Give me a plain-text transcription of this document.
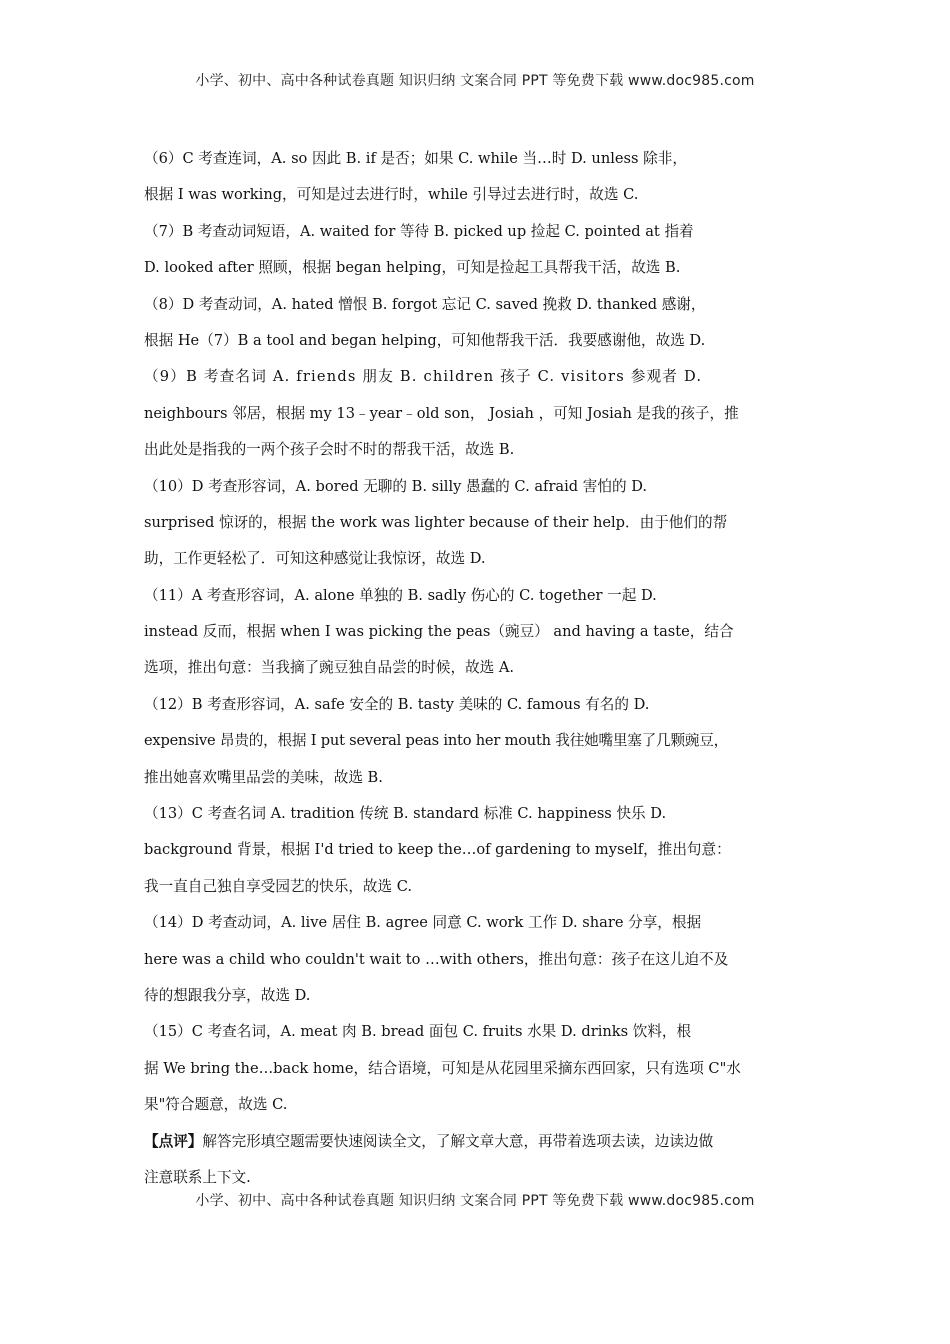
小学、初中、高中各种试卷真题 知识归纳 文案合同 PPT 等免费下载 www.doc985.com
（6）C 考查连词，A. so 因此 B. if 是否；如果 C. while 当…时 D. unless 除非，
根据 I was working，可知是过去进行时，while 引导过去进行时，故选 C.
（7）B 考查动词短语，A. waited for 等待 B. picked up 捡起 C. pointed at 指着
D. looked after 照顾，根据 began helping，可知是捡起工具帮我干活，故选 B.
（8）D 考查动词，A. hated 憎恨 B. forgot 忘记 C. saved 挽救 D. thanked 感谢，
根据 He（7）B a tool and began helping，可知他帮我干活．我要感谢他，故选 D.
（9）B 考查名词 A. friends 朋友 B. children 孩子 C. visitors 参观者 D.
neighbours 邻居，根据 my 13﹣year﹣old son， Josiah ，可知 Josiah 是我的孩子，推
出此处是指我的一两个孩子会时不时的帮我干活，故选 B.
（10）D 考查形容词，A. bored 无聊的 B. silly 愚蠢的 C. afraid 害怕的 D.
surprised 惊讶的，根据 the work was lighter because of their help．由于他们的帮
助，工作更轻松了．可知这种感觉让我惊讶，故选 D.
（11）A 考查形容词，A. alone 单独的 B. sadly 伤心的 C. together 一起 D.
instead 反而，根据 when I was picking the peas（豌豆） and having a taste，结合
选项，推出句意：当我摘了豌豆独自品尝的时候，故选 A.
（12）B 考查形容词，A. safe 安全的 B. tasty 美味的 C. famous 有名的 D.
expensive 昂贵的，根据 I put several peas into her mouth 我往她嘴里塞了几颗豌豆，
推出她喜欢嘴里品尝的美味，故选 B.
（13）C 考查名词 A. tradition 传统 B. standard 标准 C. happiness 快乐 D.
background 背景，根据 I'd tried to keep the…of gardening to myself，推出句意：
我一直自己独自享受园艺的快乐，故选 C.
（14）D 考查动词，A. live 居住 B. agree 同意 C. work 工作 D. share 分享，根据
here was a child who couldn't wait to …with others，推出句意：孩子在这儿迫不及
待的想跟我分享，故选 D.
（15）C 考查名词，A. meat 肉 B. bread 面包 C. fruits 水果 D. drinks 饮料，根
据 We bring the…back home，结合语境，可知是从花园里采摘东西回家，只有选项 C"水
果"符合题意，故选 C.
【点评】解答完形填空题需要快速阅读全文，了解文章大意，再带着选项去读，边读边做
注意联系上下文.
小学、初中、高中各种试卷真题 知识归纳 文案合同 PPT 等免费下载 www.doc985.com
